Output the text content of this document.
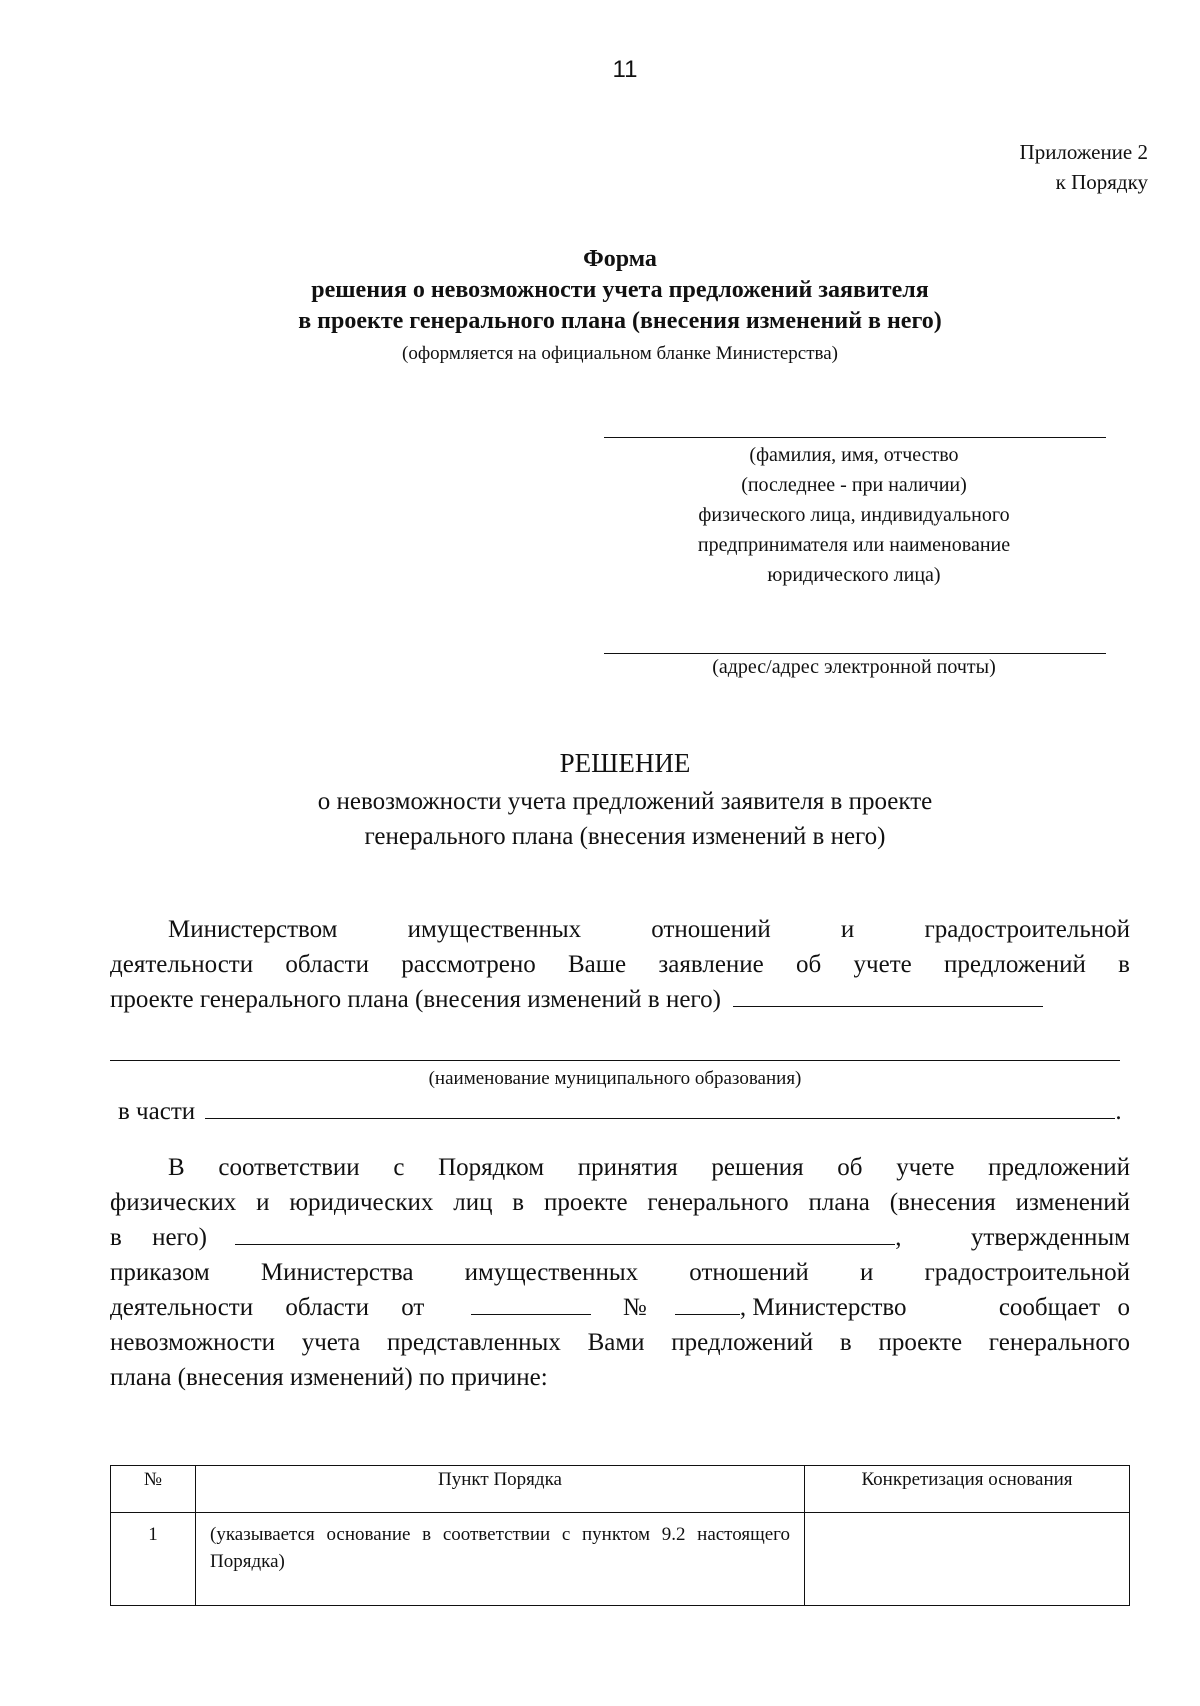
11
Приложение 2
к Порядку
Форма
решения о невозможности учета предложений заявителя
в проекте генерального плана (внесения изменений в него)
(оформляется на официальном бланке Министерства)
(фамилия, имя, отчество
(последнее - при наличии)
физического лица, индивидуального
предпринимателя или наименование
юридического лица)
(адрес/адрес электронной почты)
РЕШЕНИЕ
о невозможности учета предложений заявителя в проекте
генерального плана (внесения изменений в него)
Министерством	имущественных	отношений	и	градостроительной
деятельности области рассмотрено Ваше заявление об учете предложений в
проекте генерального плана (внесения изменений в него)
(наименование муниципального образования)
в части	.
В соответствии с Порядком принятия решения об учете предложений
физических и юридических лиц в проекте генерального плана (внесения изменений
в него)	,	утвержденным
приказом Министерства имущественных отношений и градостроительной
деятельности области от	№	, Министерство	сообщает о
невозможности учета представленных Вами предложений в проекте генерального
плана (внесения изменений) по причине:
№	Пункт Порядка	Конкретизация основания
1	(указывается основание в соответствии с пунктом 9.2 настоящего Порядка)	
